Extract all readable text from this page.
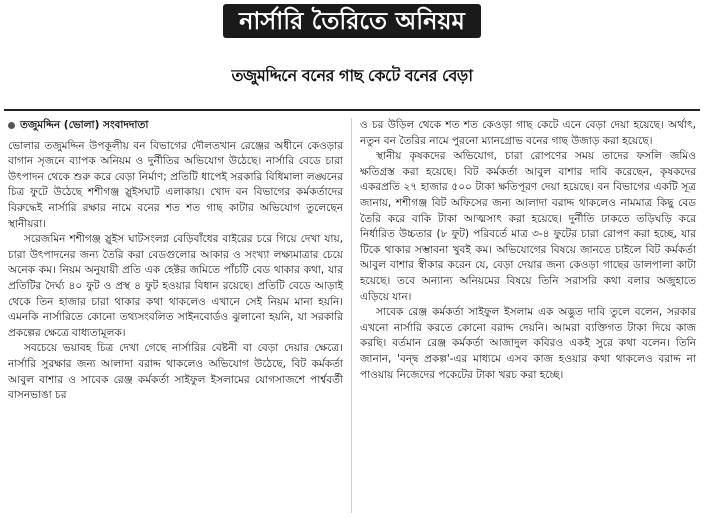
নার্সারি তৈরিতে অনিয়ম
তজুমদ্দিনে বনের গাছ কেটে বনের বেড়া
তজুমদ্দিন (ভোলা) সংবাদদাতা

ভোলার তজুমদ্দিন উপকূলীয় বন বিভাগের দৌলতখান রেঞ্জের অধীনে কেওড়ার বাগান সৃজনে ব্যাপক অনিয়ম ও দুর্নীতির অভিযোগ উঠেছে। নার্সারি বেডে চারা উৎপাদন থেকে শুরু করে বেড়া নির্মাণ; প্রতিটি ধাপেই সরকারি বিধিমালা লঙ্ঘনের চিত্র ফুটে উঠেছে শশীগঞ্জ স্লুইসঘাট এলাকায়। খোদ বন বিভাগের কর্মকর্তাদের বিরুদ্ধেই নার্সারি রক্ষার নামে বনের শত শত গাছ কাটার অভিযোগ তুলেছেন স্থানীয়রা।

সরেজমিন শশীগঞ্জ স্লুইস ঘাটসংলগ্ন বেড়িবাঁধের বাইরের চরে গিয়ে দেখা যায়, চারা উৎপাদনের জন্য তৈরি করা বেডগুলোর আকার ও সংখ্যা লক্ষ্যমাত্রার চেয়ে অনেক কম। নিয়ম অনুযায়ী প্রতি এক হেক্টর জমিতে পাঁচটি বেড থাকার কথা, যার প্রতিটির দৈর্ঘ্য ৪০ ফুট ও প্রস্থ ৪ ফুট হওয়ার বিধান রয়েছে। প্রতিটি বেডে আড়াই থেকে তিন হাজার চারা থাকার কথা থাকলেও এখানে সেই নিয়ম মানা হয়নি। এমনকি নার্সারিতে কোনো তথ্যসংবলিত সাইনবোর্ডও ঝুলানো হয়নি, যা সরকারি প্রকল্পের ক্ষেত্রে বাধ্যতামূলক।

সবচেয়ে ভয়াবহ চিত্র দেখা গেছে নার্সারির বেষ্টনী বা বেড়া দেয়ার ক্ষেত্রে। নার্সারি সুরক্ষার জন্য আলাদা বরাদ্দ থাকলেও অভিযোগ উঠেছে, বিট কর্মকর্তা আবুল বাশার ও সাবেক রেঞ্জ কর্মকর্তা সাইফুল ইসলামের যোগসাজশে পার্শ্ববর্তী বাসনভাঙা চর

ও চর উড়িল থেকে শত শত কেওড়া গাছ কেটে এনে বেড়া দেয়া হয়েছে। অর্থাৎ, নতুন বন তৈরির নামে পুরনো ম্যানগ্রোভ বনের গাছ উজাড় করা হয়েছে।

স্থানীয় কৃষকদের অভিযোগ, চারা রোপণের সময় তাদের ফসলি জমিও ক্ষতিগ্রস্ত করা হয়েছে। বিট কর্মকর্তা আবুল বাশার দাবি করেছেন, কৃষকদের একরপ্রতি ২৭ হাজার ৫০০ টাকা ক্ষতিপূরণ দেয়া হয়েছে। বন বিভাগের একটি সূত্র জানায়, শশীগঞ্জ বিট অফিসের জন্য আলাদা বরাদ্দ থাকলেও নামমাত্র কিছু বেড তৈরি করে বাকি টাকা আত্মসাৎ করা হয়েছে। দুর্নীতি ঢাকতে তড়িঘড়ি করে নির্ধারিত উচ্চতার (৮ ফুট) পরিবর্তে মাত্র ৩-৪ ফুটের চারা রোপণ করা হচ্ছে, যার টিকে থাকার সম্ভাবনা খুবই কম। অভিযোগের বিষয়ে জানতে চাইলে বিট কর্মকর্তা আবুল বাশার স্বীকার করেন যে, বেড়া দেয়ার জন্য কেওড়া গাছের ডালপালা কাটা হয়েছে। তবে অন্যান্য অনিয়মের বিষয়ে তিনি সরাসরি কথা বলার অজুহাতে এড়িয়ে যান।

সাবেক রেঞ্জ কর্মকর্তা সাইফুল ইসলাম এক অদ্ভুত দাবি তুলে বলেন, সরকার এখনো নার্সারি করতে কোনো বরাদ্দ দেয়নি। আমরা ব্যক্তিগত টাকা দিয়ে কাজ করছি। বর্তমান রেঞ্জ কর্মকর্তা আজাদুল কবিরও একই সুরে কথা বলেন। তিনি জানান, 'বন্দ্ব প্রকল্প'-এর মাধ্যমে এসব কাজ হওয়ার কথা থাকলেও বরাদ্দ না পাওয়ায় নিজেদের পকেটের টাকা খরচ করা হচ্ছে।
